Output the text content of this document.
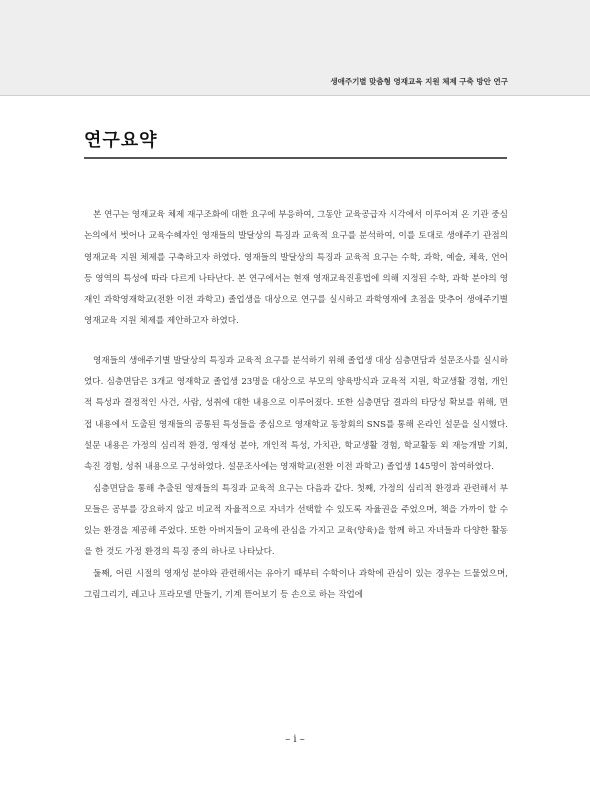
생애주기별 맞춤형 영재교육 지원 체제 구축 방안 연구
연구요약

본 연구는 영재교육 체제 재구조화에 대한 요구에 부응하여, 그동안 교육공급자 시각에서 이루어져 온 기관 중심 논의에서 벗어나 교육수혜자인 영재들의 발달상의 특징과 교육적 요구를 분석하여, 이를 토대로 생애주기 관점의 영재교육 지원 체제를 구축하고자 하였다. 영재들의 발달상의 특징과 교육적 요구는 수학, 과학, 예술, 체육, 언어 등 영역의 특성에 따라 다르게 나타난다. 본 연구에서는 현재 영재교육진흥법에 의해 지정된 수학, 과학 분야의 영재인 과학영재학교(전환 이전 과학고) 졸업생을 대상으로 연구를 실시하고 과학영재에 초점을 맞추어 생애주기별 영재교육 지원 체제를 제안하고자 하였다.

영재들의 생애주기별 발달상의 특징과 교육적 요구를 분석하기 위해 졸업생 대상 심층면담과 설문조사를 실시하였다. 심층면담은 3개교 영재학교 졸업생 23명을 대상으로 부모의 양육방식과 교육적 지원, 학교생활 경험, 개인적 특성과 결정적인 사건, 사람, 성취에 대한 내용으로 이루어졌다. 또한 심층면담 결과의 타당성 확보를 위해, 면접 내용에서 도출된 영재들의 공통된 특성들을 중심으로 영재학교 동창회의 SNS를 통해 온라인 설문을 실시했다. 설문 내용은 가정의 심리적 환경, 영재성 분야, 개인적 특성, 가치관, 학교생활 경험, 학교활동 외 재능개발 기회, 속진 경험, 성취 내용으로 구성하였다. 설문조사에는 영재학교(전환 이전 과학고) 졸업생 145명이 참여하였다.

심층면담을 통해 추출된 영재들의 특징과 교육적 요구는 다음과 같다. 첫째, 가정의 심리적 환경과 관련해서 부모들은 공부를 강요하지 않고 비교적 자율적으로 자녀가 선택할 수 있도록 자율권을 주었으며, 책을 가까이 할 수 있는 환경을 제공해 주었다. 또한 아버지들이 교육에 관심을 가지고 교육(양육)을 함께 하고 자녀들과 다양한 활동을 한 것도 가정 환경의 특징 중의 하나로 나타났다.

둘째, 어린 시절의 영재성 분야와 관련해서는 유아기 때부터 수학이나 과학에 관심이 있는 경우는 드물었으며, 그림그리기, 레고나 프라모델 만들기, 기계 뜯어보기 등 손으로 하는 작업에

– i –
